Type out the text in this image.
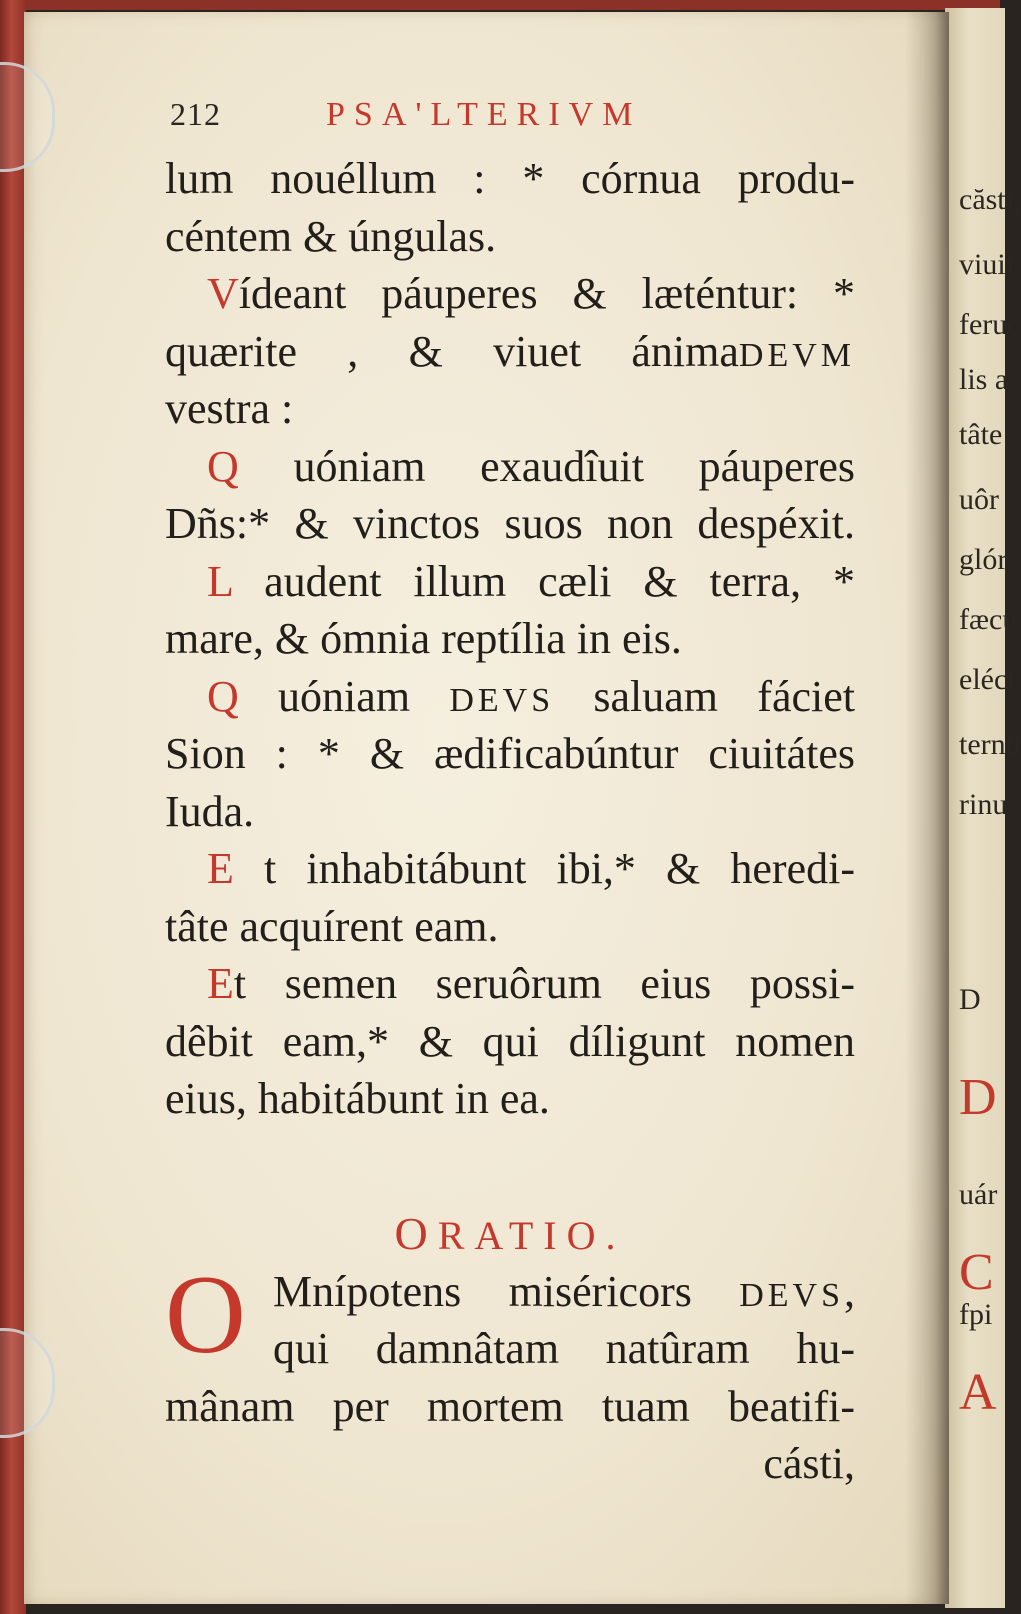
căsti,
viuif
feruc
lis a
tâte
uôr
glór
fæcu
eléct
ternu
rinu
D
D
uár
C
fpi
A
212	PSA'LTERIVM
lum nouéllum : * córnua produ-
céntem & úngulas.
Vídeant páuperes & læténtur: *
quærite , & viuet ánimaDEVM
vestra :
Q uóniam exaudîuit páuperes
Dñs:* & vinctos suos non despéxit.
L audent illum cæli & terra, *
mare, & ómnia reptília in eis.
Q uóniam DEVS saluam fáciet
Sion : * & ædificabúntur ciuitátes
Iuda.
E t inhabitábunt ibi,* & heredi-
tâte acquírent eam.
Et semen seruôrum eius possi-
dêbit eam,* & qui díligunt nomen
eius, habitábunt in ea.
ORATIO.
O Mnípotens miséricors DEVS,
qui damnâtam natûram hu-
mânam per mortem tuam beatifi-
cásti,
